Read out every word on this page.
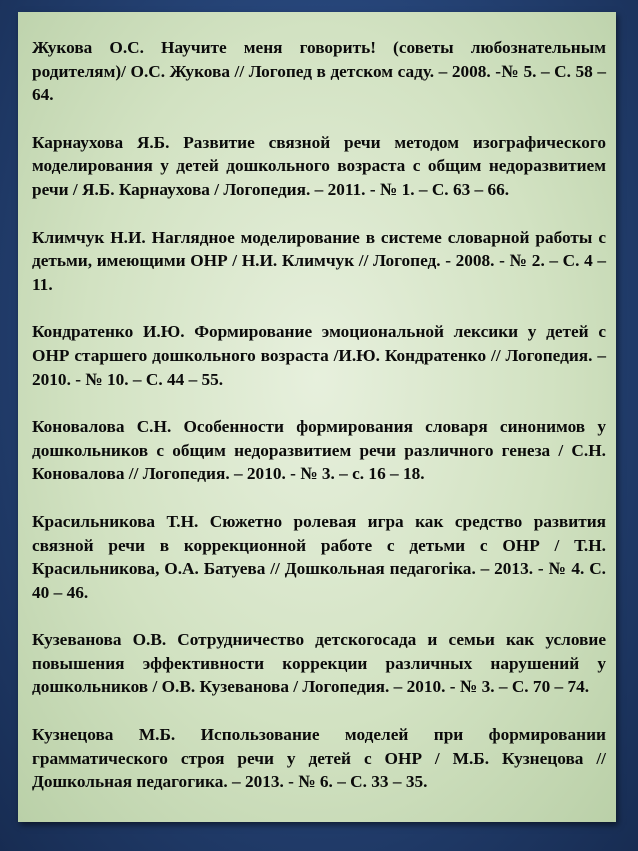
Жукова О.С. Научите меня говорить! (советы любознательным родителям)/ О.С. Жукова // Логопед в детском саду. – 2008. -№ 5. – С. 58 – 64.
Карнаухова Я.Б. Развитие связной речи методом изографического моделирования у детей дошкольного возраста с общим недоразвитием речи / Я.Б. Карнаухова / Логопедия. – 2011. - № 1. – С. 63 – 66.
Климчук Н.И. Наглядное моделирование в системе словарной работы с детьми, имеющими ОНР / Н.И. Климчук // Логопед. - 2008. - № 2. – С. 4 – 11.
Кондратенко И.Ю. Формирование эмоциональной лексики у детей с ОНР старшего дошкольного возраста /И.Ю. Кондратенко // Логопедия. – 2010. - № 10. – С. 44 – 55.
Коновалова С.Н. Особенности формирования словаря синонимов у дошкольников с общим недоразвитием речи различного генеза / С.Н. Коновалова // Логопедия. – 2010. - № 3. – с. 16 – 18.
Красильникова Т.Н. Сюжетно ролевая игра как средство развития связной речи в коррекционной работе с детьми с ОНР / Т.Н. Красильникова, О.А. Батуева // Дошкольная педагогiка. – 2013. - № 4. С. 40 – 46.
Кузеванова О.В. Сотрудничество детскогосада и семьи как условие повышения эффективности коррекции различных нарушений у дошкольников / О.В. Кузеванова / Логопедия. – 2010. - № 3. – С. 70 – 74.
Кузнецова М.Б. Использование моделей при формировании грамматического строя речи у детей с ОНР / М.Б. Кузнецова // Дошкольная педагогика. – 2013. - № 6. – С. 33 – 35.
